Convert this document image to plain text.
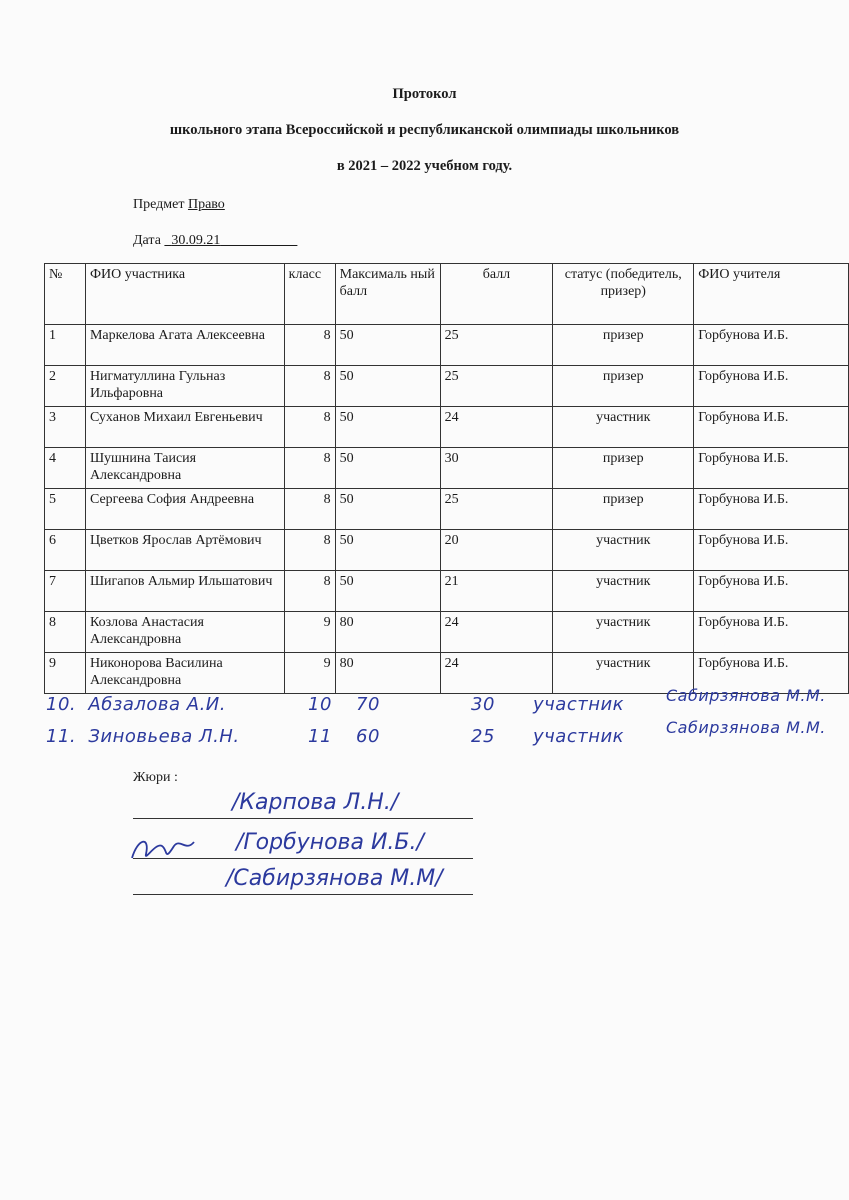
Протокол
школьного этапа Всероссийской и республиканской олимпиады школьников
в 2021 – 2022 учебном году.
Предмет Право
Дата 30.09.21
№	ФИО участника	класс	Максималь ный балл	балл	статус (победитель, призер)	ФИО учителя
1	Маркелова Агата Алексеевна	8	50	25	призер	Горбунова И.Б.
2	Нигматуллина Гульназ Ильфаровна	8	50	25	призер	Горбунова И.Б.
3	Суханов Михаил Евгеньевич	8	50	24	участник	Горбунова И.Б.
4	Шушнина Таисия Александровна	8	50	30	призер	Горбунова И.Б.
5	Сергеева София Андреевна	8	50	25	призер	Горбунова И.Б.
6	Цветков Ярослав Артёмович	8	50	20	участник	Горбунова И.Б.
7	Шигапов Альмир Ильшатович	8	50	21	участник	Горбунова И.Б.
8	Козлова Анастасия Александровна	9	80	24	участник	Горбунова И.Б.
9	Никонорова Василина Александровна	9	80	24	участник	Горбунова И.Б.
10. Абзалова А.И.	10 70	30 участник	Сабирзянова М.М.
11. Зиновьева Л.Н.	11 60	25 участник	Сабирзянова М.М.
Жюри :
/Карпова Л.Н./
/Горбунова И.Б./
/Сабирзянова М.М/
